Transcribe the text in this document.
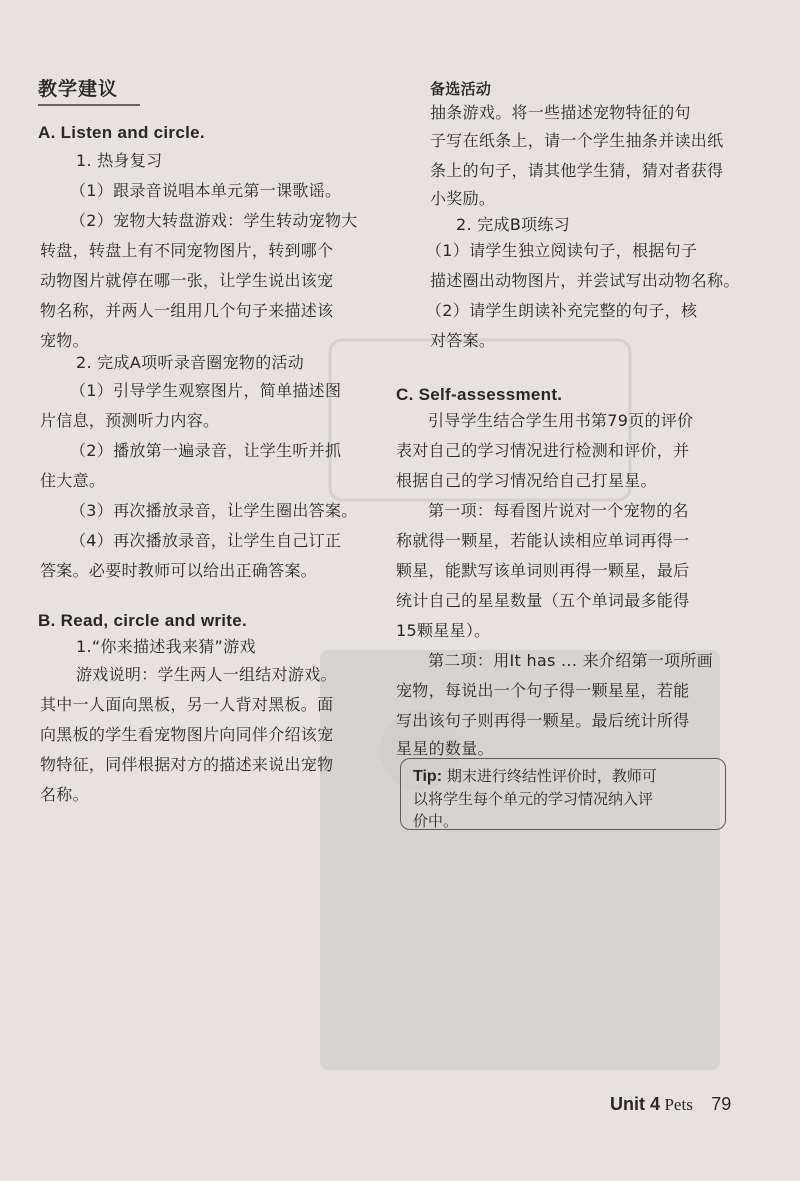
教学建议
A. Listen and circle.
1. 热身复习
（1）跟录音说唱本单元第一课歌谣。
（2）宠物大转盘游戏：学生转动宠物大
转盘，转盘上有不同宠物图片，转到哪个
动物图片就停在哪一张，让学生说出该宠
物名称，并两人一组用几个句子来描述该
宠物。
2. 完成A项听录音圈宠物的活动
（1）引导学生观察图片，简单描述图
片信息，预测听力内容。
（2）播放第一遍录音，让学生听并抓
住大意。
（3）再次播放录音，让学生圈出答案。
（4）再次播放录音，让学生自己订正
答案。必要时教师可以给出正确答案。
B. Read, circle and write.
1.“你来描述我来猜”游戏
游戏说明：学生两人一组结对游戏。
其中一人面向黑板，另一人背对黑板。面
向黑板的学生看宠物图片向同伴介绍该宠
物特征，同伴根据对方的描述来说出宠物
名称。
备选活动
抽条游戏。将一些描述宠物特征的句
子写在纸条上，请一个学生抽条并读出纸
条上的句子，请其他学生猜，猜对者获得
小奖励。
2. 完成B项练习
（1）请学生独立阅读句子，根据句子
描述圈出动物图片，并尝试写出动物名称。
（2）请学生朗读补充完整的句子，核
对答案。
C. Self-assessment.
引导学生结合学生用书第79页的评价
表对自己的学习情况进行检测和评价，并
根据自己的学习情况给自己打星星。
第一项：每看图片说对一个宠物的名
称就得一颗星，若能认读相应单词再得一
颗星，能默写该单词则再得一颗星，最后
统计自己的星星数量（五个单词最多能得
15颗星星）。
第二项：用It has ... 来介绍第一项所画
宠物，每说出一个句子得一颗星星，若能
写出该句子则再得一颗星。最后统计所得
星星的数量。
Tip: 期末进行终结性评价时，教师可
以将学生每个单元的学习情况纳入评
价中。
Unit 4 Pets 79
